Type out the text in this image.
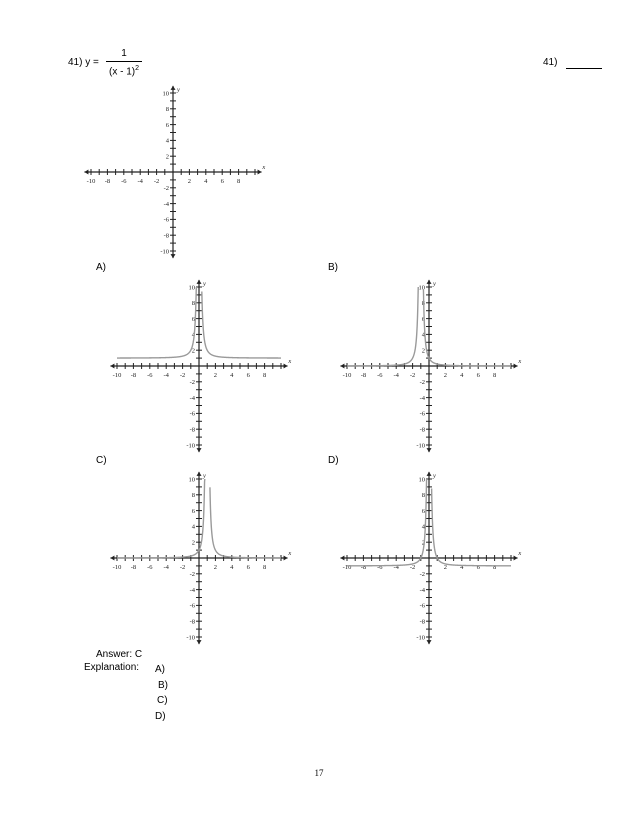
41) y =
1
(x - 1)$^2$
41)
-10 -8 -6 -4 -2	2 4 6 8
10
8
6
4
2
-2
-4
-6
-8
-10
x
y
A)	B)
-10 -8 -6 -4 -2	2 4 6 8
10
8
6
4
2
-2
-4
-6
-8
-10
x
y
-10 -8 -6 -4 -2	2 4 6 8
10
8
6
4
2
-2
-4
-6
-8
-10
x
y
C)	D)
-10 -8 -6 -4 -2	2 4 6 8
10
8
6
4
2
-2
-4
-6
-8
-10
x
y
-10 -8 -6 -4 -2	2 4 6 8
10
8
6
4
2
-2
-4
-6
-8
-10
x
y
Answer: C
Explanation: A)
B)
C)
D)
17
